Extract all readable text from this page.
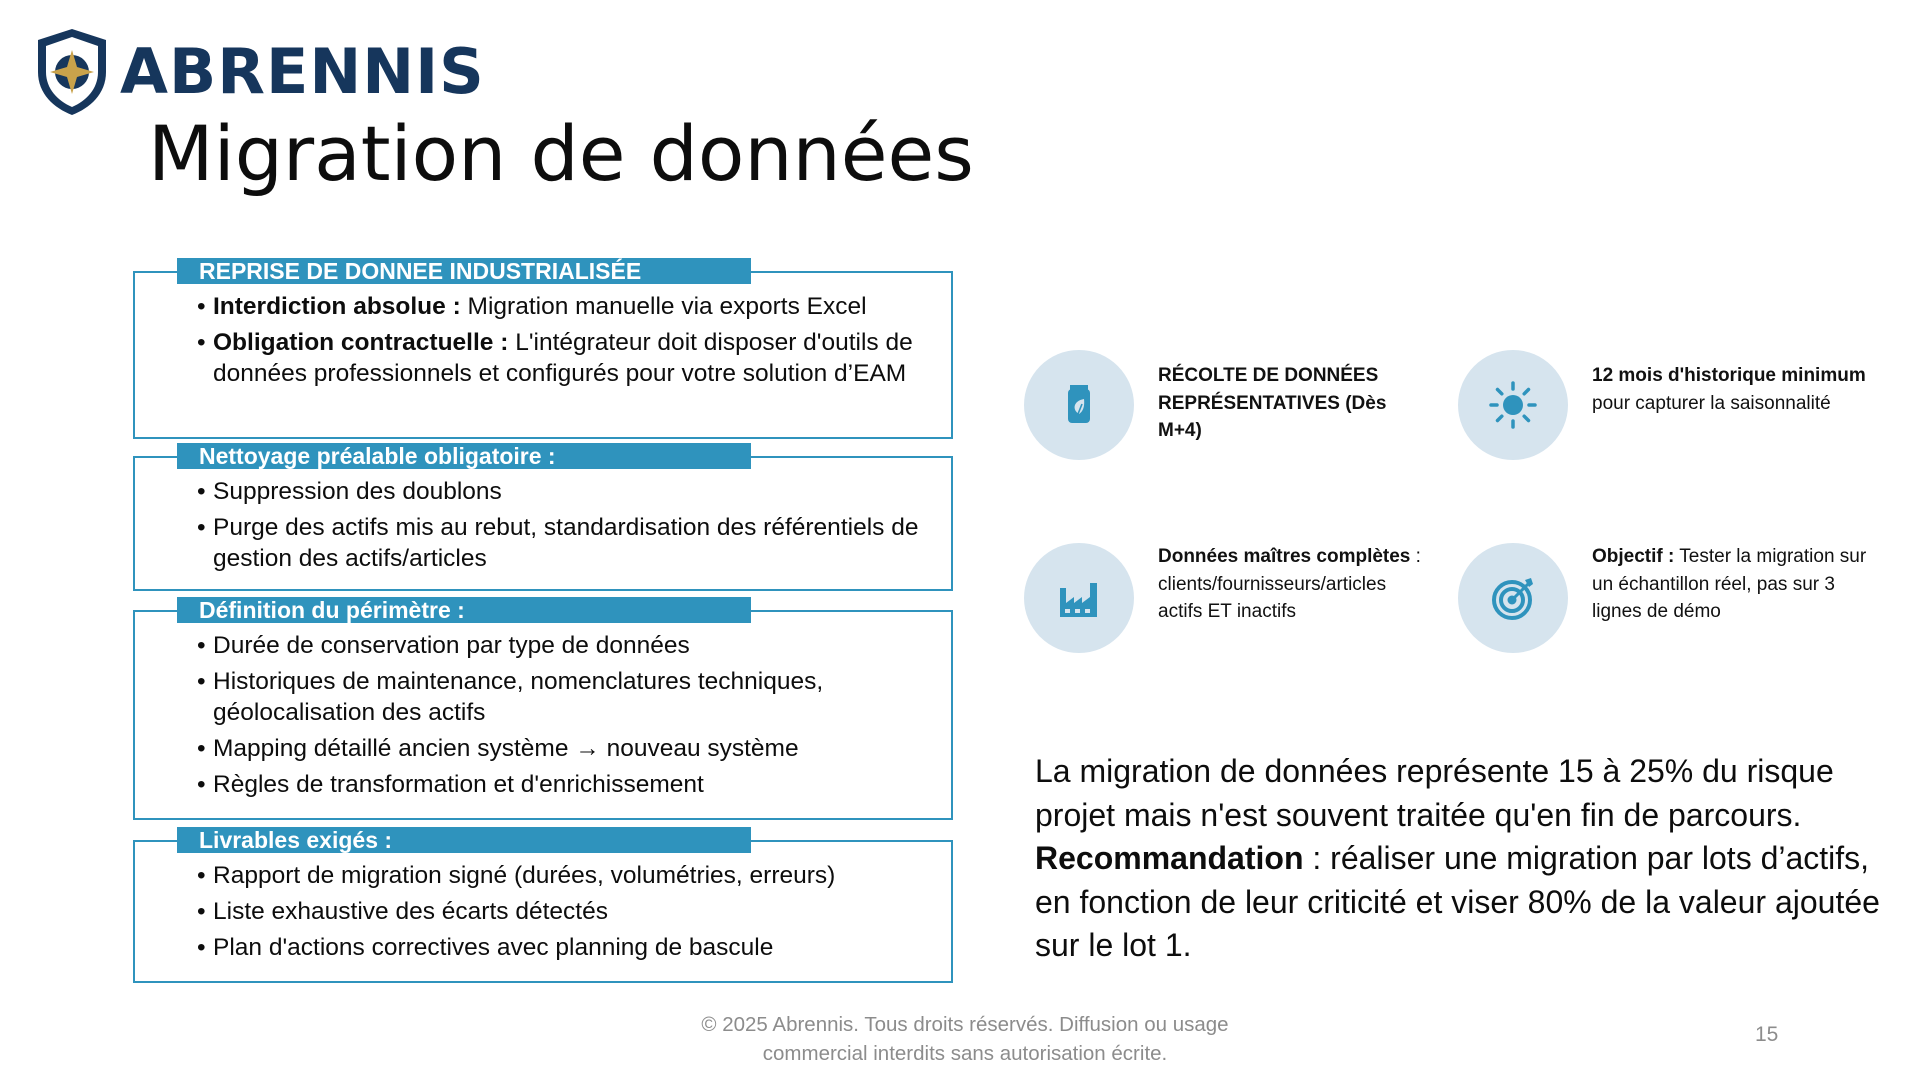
ABRENNIS
Migration de données
REPRISE DE DONNEE INDUSTRIALISÉE
• Interdiction absolue : Migration manuelle via exports Excel
• Obligation contractuelle : L'intégrateur doit disposer d'outils de données professionnels et configurés pour votre solution d’EAM
Nettoyage préalable obligatoire :
• Suppression des doublons
• Purge des actifs mis au rebut, standardisation des référentiels de gestion des actifs/articles
Définition du périmètre :
• Durée de conservation par type de données
• Historiques de maintenance, nomenclatures techniques, géolocalisation des actifs
• Mapping détaillé ancien système → nouveau système
• Règles de transformation et d'enrichissement
Livrables exigés :
• Rapport de migration signé (durées, volumétries, erreurs)
• Liste exhaustive des écarts détectés
• Plan d'actions correctives avec planning de bascule
RÉCOLTE DE DONNÉES REPRÉSENTATIVES (Dès M+4)
12 mois d'historique minimum pour capturer la saisonnalité
Données maîtres complètes : clients/fournisseurs/articles actifs ET inactifs
Objectif : Tester la migration sur un échantillon réel, pas sur 3 lignes de démo

La migration de données représente 15 à 25% du risque projet mais n'est souvent traitée qu'en fin de parcours.

Recommandation : réaliser une migration par lots d’actifs, en fonction de leur criticité et viser 80% de la valeur ajoutée sur le lot 1.

© 2025 Abrennis. Tous droits réservés. Diffusion ou usage commercial interdits sans autorisation écrite.
15
